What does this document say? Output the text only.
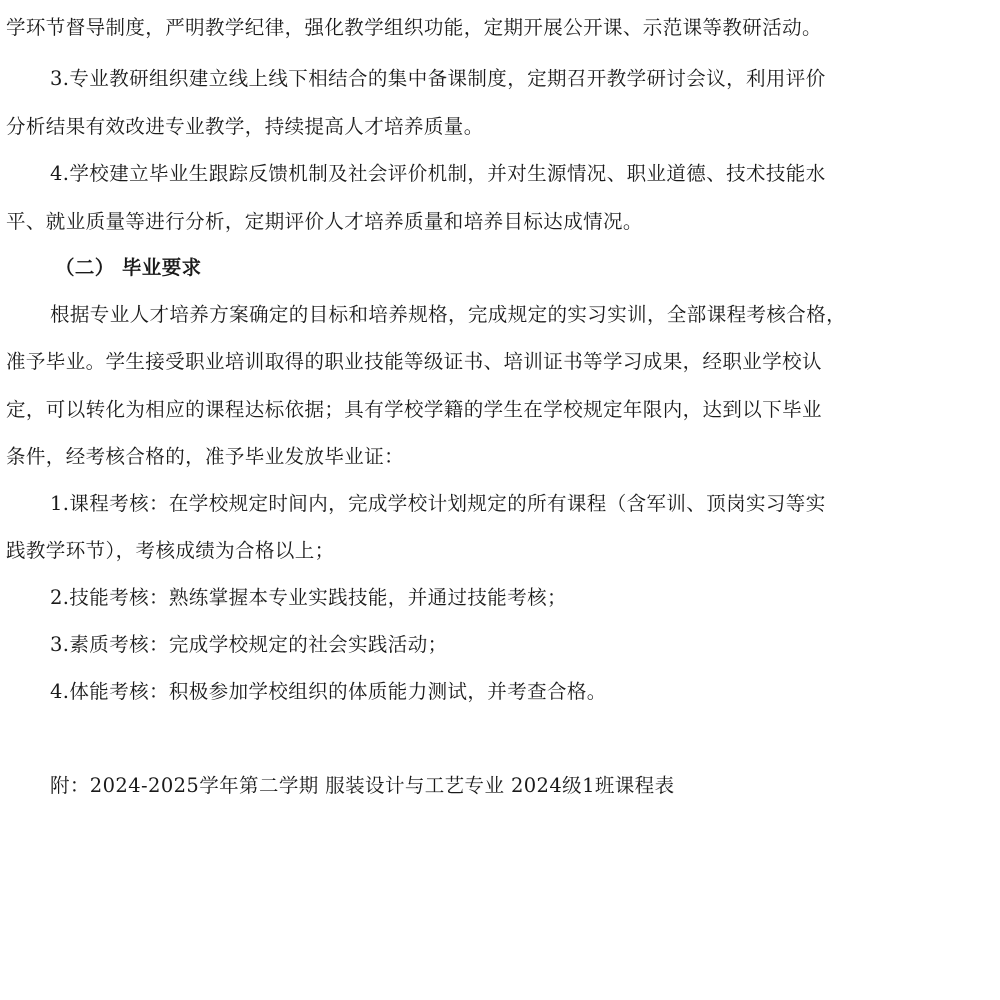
学环节督导制度，严明教学纪律，强化教学组织功能，定期开展公开课、示范课等教研活动。
3.专业教研组织建立线上线下相结合的集中备课制度，定期召开教学研讨会议，利用评价
分析结果有效改进专业教学，持续提高人才培养质量。
4.学校建立毕业生跟踪反馈机制及社会评价机制，并对生源情况、职业道德、技术技能水
平、就业质量等进行分析，定期评价人才培养质量和培养目标达成情况。
（二） 毕业要求
根据专业人才培养方案确定的目标和培养规格，完成规定的实习实训，全部课程考核合格，
准予毕业。学生接受职业培训取得的职业技能等级证书、培训证书等学习成果，经职业学校认
定，可以转化为相应的课程达标依据；具有学校学籍的学生在学校规定年限内，达到以下毕业
条件，经考核合格的，准予毕业发放毕业证：
1.课程考核：在学校规定时间内，完成学校计划规定的所有课程（含军训、顶岗实习等实
践教学环节），考核成绩为合格以上；
2.技能考核：熟练掌握本专业实践技能，并通过技能考核；
3.素质考核：完成学校规定的社会实践活动；
4.体能考核：积极参加学校组织的体质能力测试，并考查合格。
附：2024-2025学年第二学期 服装设计与工艺专业 2024级1班课程表
